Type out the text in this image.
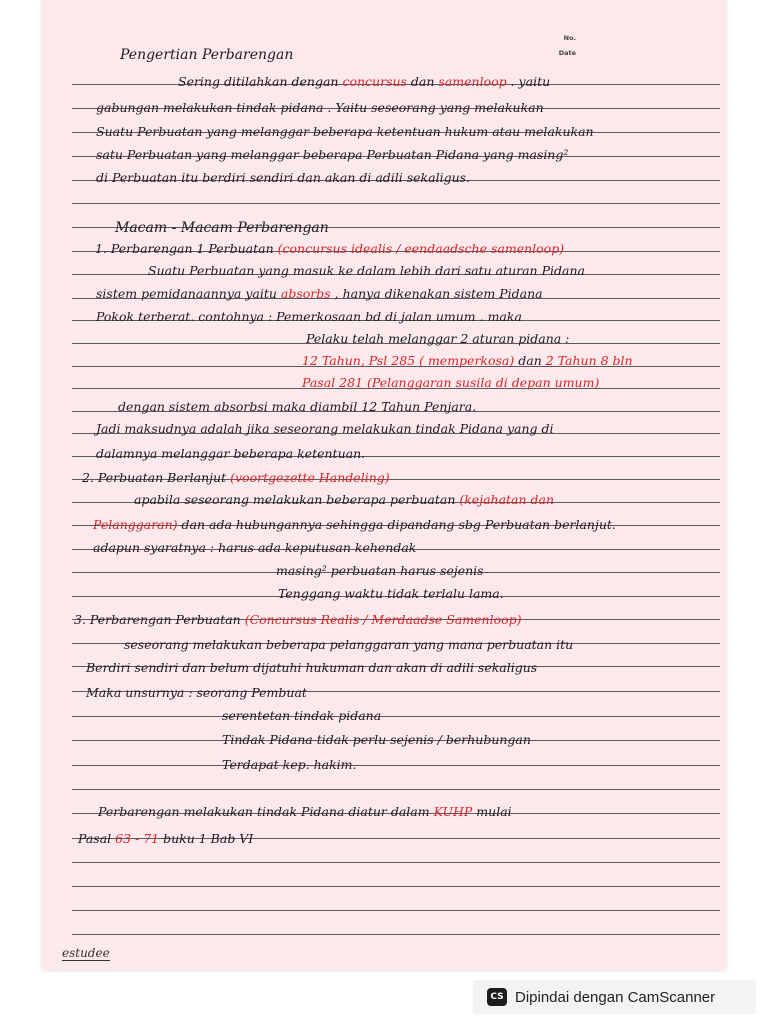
No.
Date
Pengertian Perbarengan
Sering ditilahkan dengan concursus dan samenloop . yaitu
gabungan melakukan tindak pidana . Yaitu seseorang yang melakukan
Suatu Perbuatan yang melanggar beberapa ketentuan hukum atau melakukan
satu Perbuatan yang melanggar beberapa Perbuatan Pidana yang masing²
di Perbuatan itu berdiri sendiri dan akan di adili sekaligus.
Macam - Macam Perbarengan
1. Perbarengan 1 Perbuatan (concursus idealis / eendaadsche samenloop)
Suatu Perbuatan yang masuk ke dalam lebih dari satu aturan Pidana
sistem pemidanaannya yaitu absorbs , hanya dikenakan sistem Pidana
Pokok terberat. contohnya : Pemerkosaan bd di jalan umum . maka
Pelaku telah melanggar 2 aturan pidana :
12 Tahun, Psl 285 ( memperkosa) dan 2 Tahun 8 bln
Pasal 281 (Pelanggaran susila di depan umum)
dengan sistem absorbsi maka diambil 12 Tahun Penjara.
Jadi maksudnya adalah jika seseorang melakukan tindak Pidana yang di
dalamnya melanggar beberapa ketentuan.
2. Perbuatan Berlanjut (voortgezette Handeling)
apabila seseorang melakukan beberapa perbuatan (kejahatan dan
Pelanggaran) dan ada hubungannya sehingga dipandang sbg Perbuatan berlanjut.
adapun syaratnya : harus ada keputusan kehendak
masing² perbuatan harus sejenis
Tenggang waktu tidak terlalu lama.
3. Perbarengan Perbuatan (Concursus Realis / Merdaadse Samenloop)
seseorang melakukan beberapa pelanggaran yang mana perbuatan itu
Berdiri sendiri dan belum dijatuhi hukuman dan akan di adili sekaligus
Maka unsurnya : seorang Pembuat
serentetan tindak pidana
Tindak Pidana tidak perlu sejenis / berhubungan
Terdapat kep. hakim.
Perbarengan melakukan tindak Pidana diatur dalam KUHP mulai
Pasal 63 - 71 buku 1 Bab VI
estudee
CS Dipindai dengan CamScanner
